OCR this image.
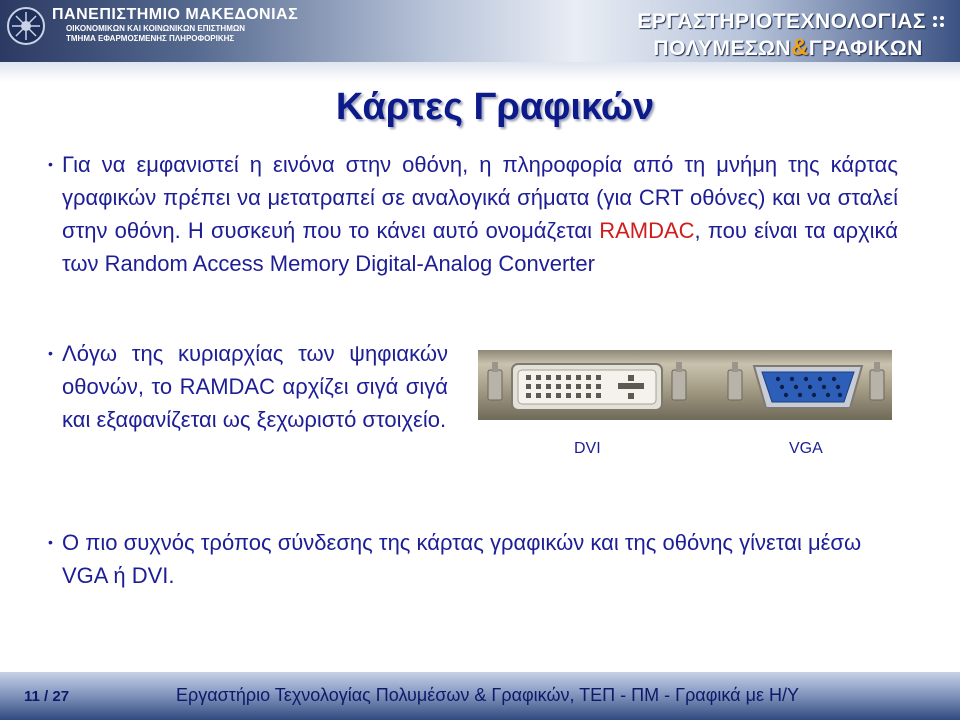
ΠΑΝΕΠΙΣΤΗΜΙΟ ΜΑΚΕΔΟΝΙΑΣ
ΟΙΚΟΝΟΜΙΚΩΝ ΚΑΙ ΚΟΙΝΩΝΙΚΩΝ ΕΠΙΣΤΗΜΩΝ
ΤΜΗΜΑ ΕΦΑΡΜΟΣΜΕΝΗΣ ΠΛΗΡΟΦΟΡΙΚΗΣ
ΕΡΓΑΣΤΗΡΙΟΤΕΧΝΟΛΟΓΙΑΣ
ΠΟΛΥΜΕΣΩΝ&ΓΡΑΦΙΚΩΝ
Κάρτες Γραφικών
• Για να εμφανιστεί η εινόνα στην οθόνη, η πληροφορία από τη μνήμη της κάρτας γραφικών πρέπει να μετατραπεί σε αναλογικά σήματα (για CRT οθόνες) και να σταλεί στην οθόνη. Η συσκευή που το κάνει αυτό ονομάζεται RAMDAC, που είναι τα αρχικά των Random Access Memory Digital-Analog Converter
• Λόγω της κυριαρχίας των ψηφιακών οθονών, το RAMDAC αρχίζει σιγά σιγά και εξαφανίζεται ως ξεχωριστό στοιχείο.
DVI	VGA
• Ο πιο συχνός τρόπος σύνδεσης της κάρτας γραφικών και της οθόνης γίνεται μέσω VGA ή DVI.
11 / 27	Εργαστήριο Τεχνολογίας Πολυμέσων & Γραφικών, ΤΕΠ - ΠΜ - Γραφικά με Η/Υ
